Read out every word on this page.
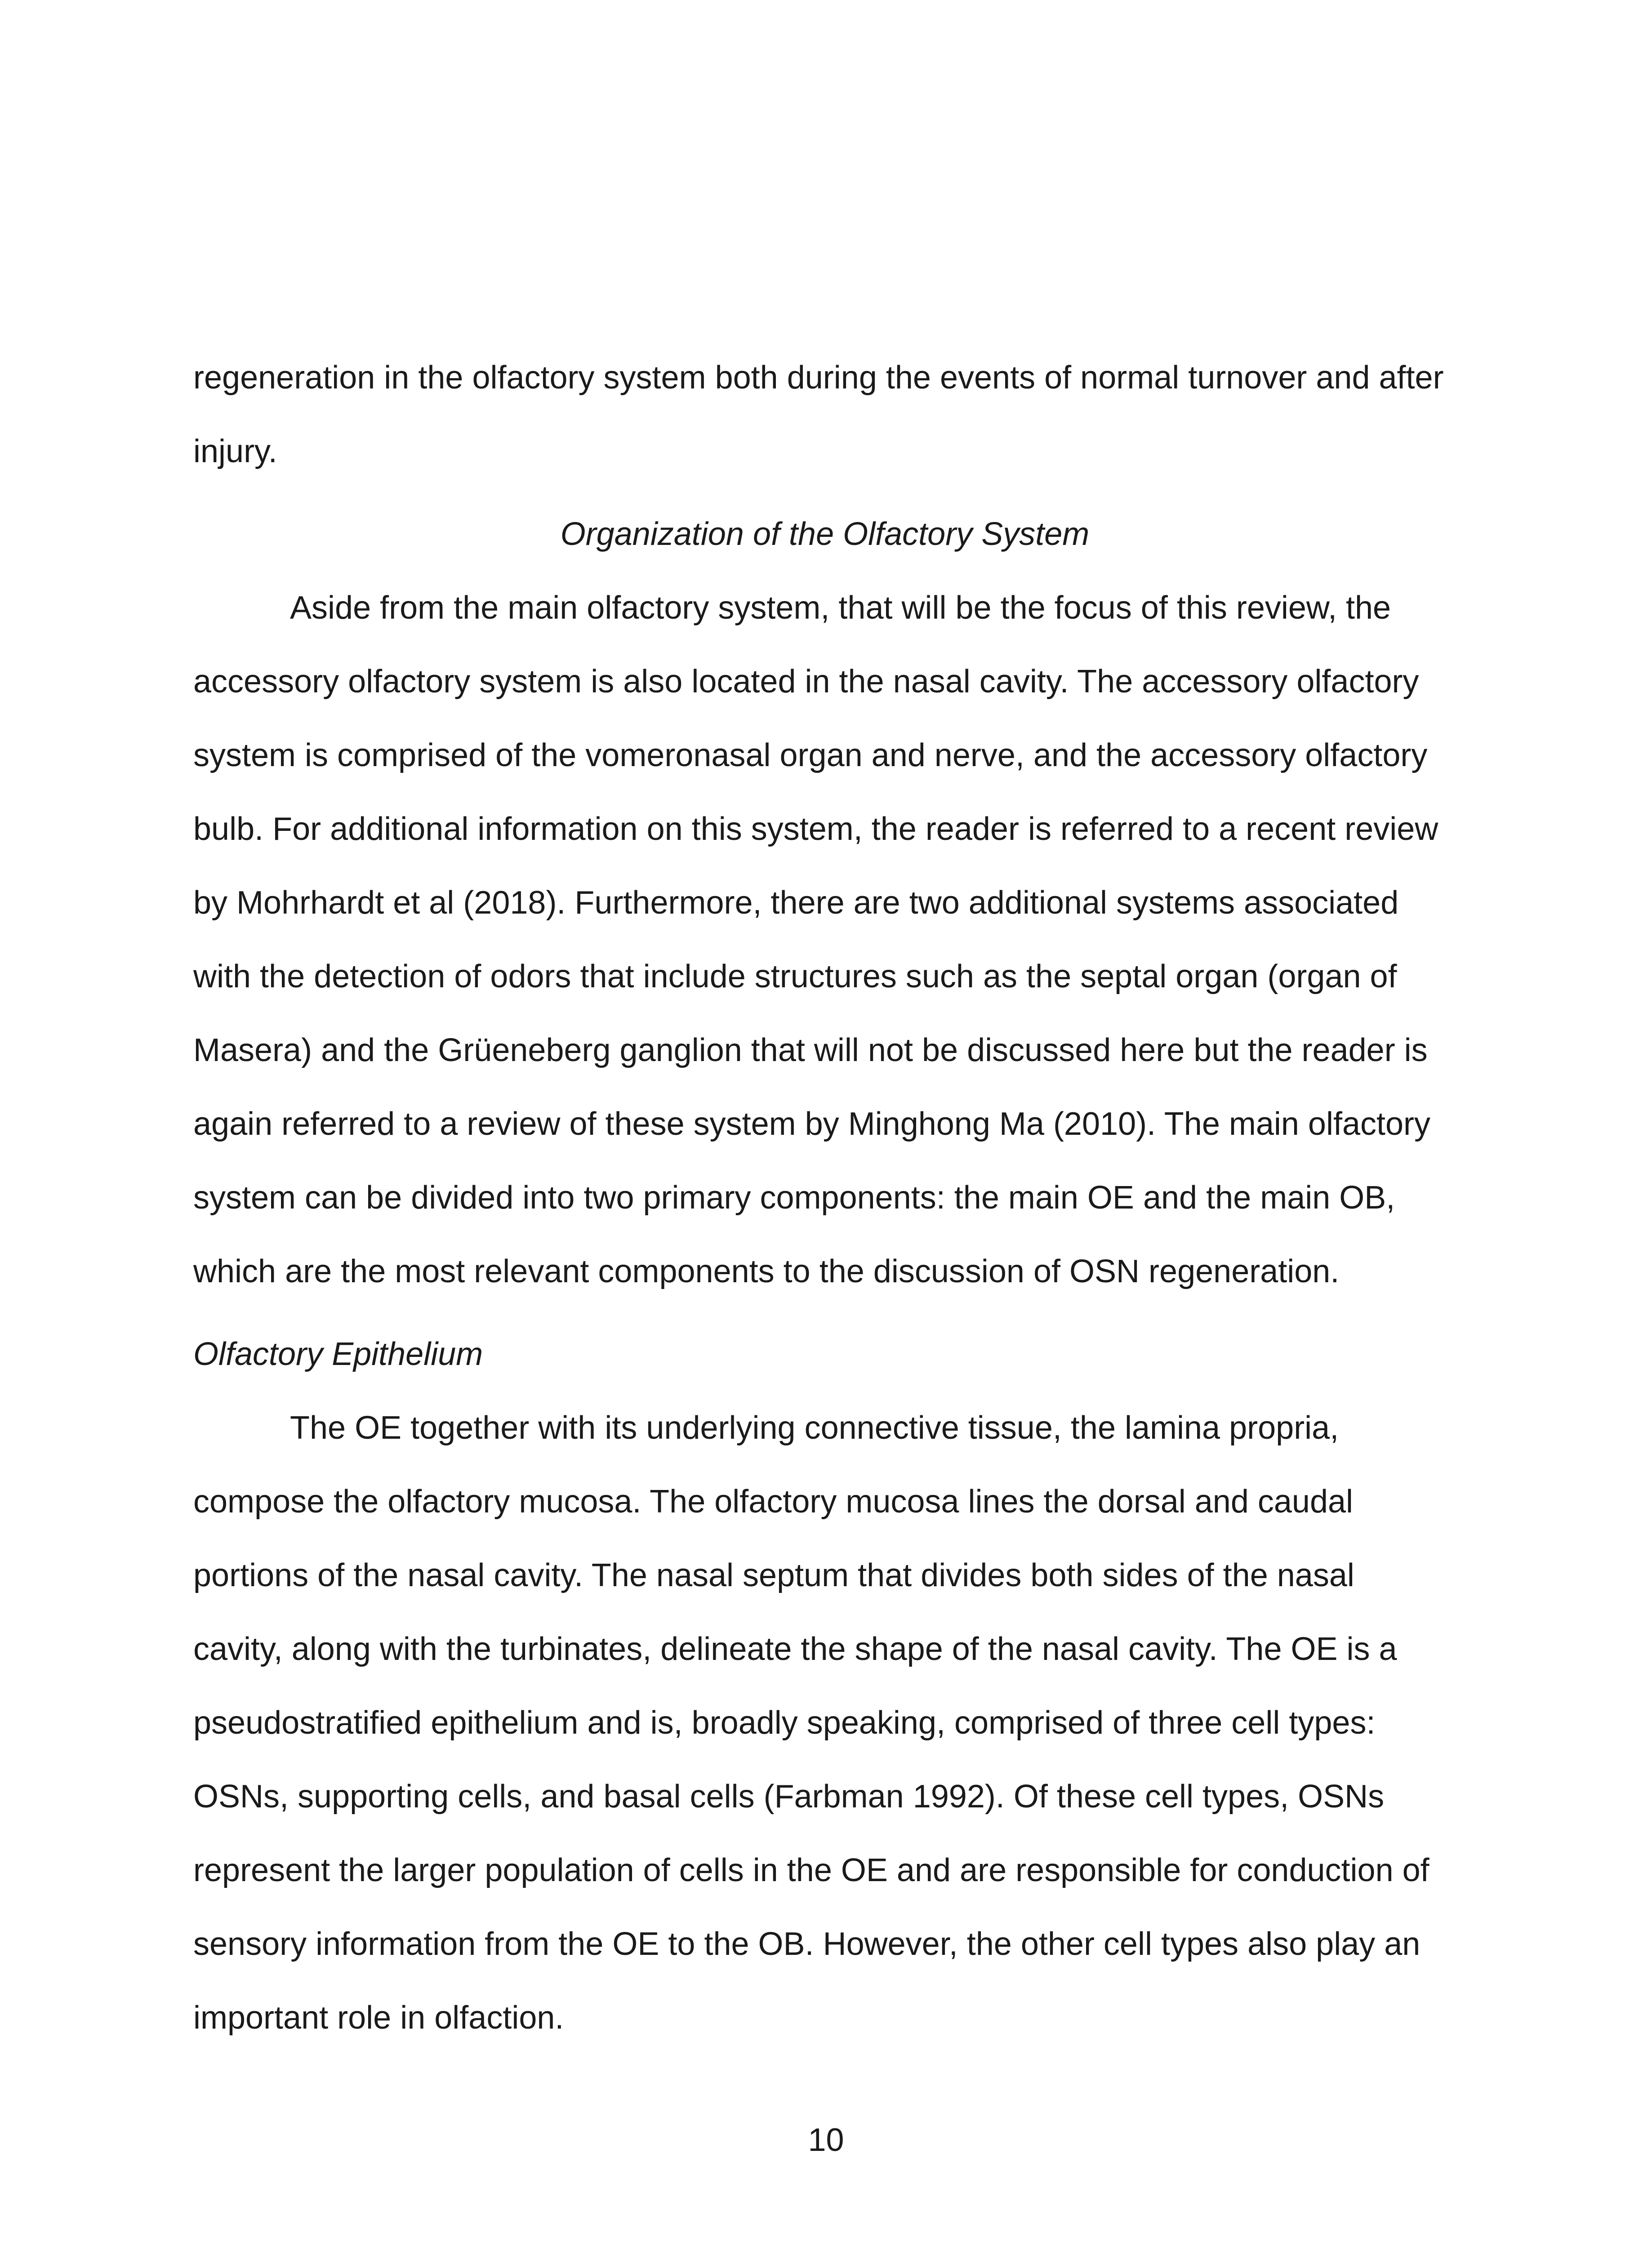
regeneration in the olfactory system both during the events of normal turnover and after
injury.

Organization of the Olfactory System

Aside from the main olfactory system, that will be the focus of this review, the
accessory olfactory system is also located in the nasal cavity. The accessory olfactory
system is comprised of the vomeronasal organ and nerve, and the accessory olfactory
bulb. For additional information on this system, the reader is referred to a recent review
by Mohrhardt et al (2018). Furthermore, there are two additional systems associated
with the detection of odors that include structures such as the septal organ (organ of
Masera) and the Grüeneberg ganglion that will not be discussed here but the reader is
again referred to a review of these system by Minghong Ma (2010). The main olfactory
system can be divided into two primary components: the main OE and the main OB,
which are the most relevant components to the discussion of OSN regeneration.

Olfactory Epithelium

The OE together with its underlying connective tissue, the lamina propria,
compose the olfactory mucosa. The olfactory mucosa lines the dorsal and caudal
portions of the nasal cavity. The nasal septum that divides both sides of the nasal
cavity, along with the turbinates, delineate the shape of the nasal cavity. The OE is a
pseudostratified epithelium and is, broadly speaking, comprised of three cell types:
OSNs, supporting cells, and basal cells (Farbman 1992). Of these cell types, OSNs
represent the larger population of cells in the OE and are responsible for conduction of
sensory information from the OE to the OB. However, the other cell types also play an
important role in olfaction.

10
